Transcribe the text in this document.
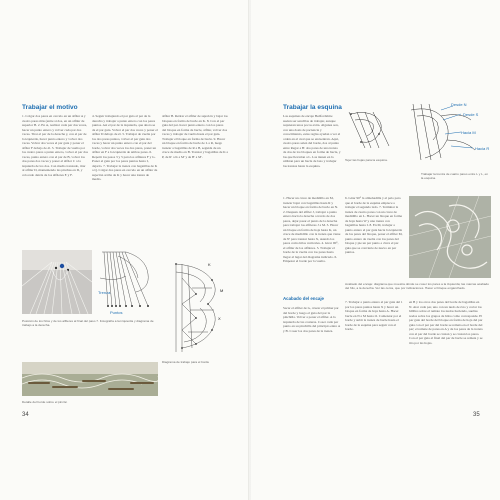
Trabajar el motivo

1. Colgar dos pares en cercelo en un alfiler A y cuatro pares más (entre si dos, en un alfiler de superior B. 2. En A, realizar cada par dos veces, hacer un punto entero y volver cada par dos veces. Tirar el par de la derecha y, con el par de la izquierda, hacer punto entero y volver dos veces. Volver dos veces el par guía y poner el alfiler F debajo de él. 3. Trabajar de vuelta por los cuatro pares a punto entero, volver el par dos veces, punto entero con el par de B, volver los dos pares dos veces y poner el alfiler C a la izquierda de los dos. Con medio trenzado, tirar al alfiler D, manteniendo las pinchas en D, y colocado detrás de los alfileres E y F.

4. Seguir trabajando el par guía al par de la derecha y trabajar a punto entero con los pares puntos. Así el par de la izquierda, que ahora se da el par guía. Volver el par dos veces y poner el alfiler D debajo de él. 5. Trabajar de vuelta por los dos pares puntos, volver el par guía dos veces y hacer un punto entero con el par del borde, volver dos veces los dos pares, poner un alfiler en F a la izquierda de ambos pares. 6. Repetir los pasos 3 y 5 para los alfileres F y G. Poner el guía por los pares puntos hasta I, dejarlo. 7. Trabajar la trenza con bagatillas de K a Q. Colgar dos pares en cercelo en un alfiler de sujeción arriba de K y hacer una trenza de medio.

alfiler B. Retirar el alfiler de sujeción y bajar los bloques en forma de bucle en K. 8. Con el par guía del par. hacer punto entero con los pares del bloque en forma de bucle, alfiler, volver dos veces y trabajar de vuelta hasta el par guía. Trabajar el bloque en forma de bucle. 9. Hacer un bloque en forma de bucle de L a R, luego trenzar a bagatillas de R a B, seguida de un cruce de medio en B. Trenzar y bagatillas de K a P, de R' a K a M' y de B' a M'.

Trenza
Puntos
Posición de los hilos y de los alfileres al final del paso 7. Fotografía a la izquierda y diagrama de trabajo a la derecha.
K
M
X
Detalle del borde sobre el pinzón
Diagrama de trabajo para el borde
34
Trabajar la esquina

Las esquinas de encaje Bedfordshire suelen ser sencillas de trabajar, aunque requieren unos pocos extra. Algunas son, con una dosis de paciencia y conocimiento, estas reglas ayudan a ver el orden en el cual que se encuentran. Aquí, cuatro pares salen del borde, dos al punto entre Regar a B: dos pares de una trenza de dos de los bloques en forma de bucle, y las que llevarían a L. Las tienen en la utilizan para un bucle de lazo y trabajar las trenzas hasta la esquina.

1. Hacer un cruce de medidillo en M, trenzar bajar con bagatillas hasta R y hacer un bloque en forma de bucle en N. 2. Después del alfiler J, trabajar a punto entero hacia la derecha a través de dos pares, dejar pasar el punto de la derecha para trabajar los alfileres J a M. 3. Hacer un bloque en forma de hoja hasta K, un cruce de medidillo con la trenza que viene de N' para trenzar hasta X, usando los pares como hilos verticales. 4. Girar 90°, el alfiler de los alfileres. 5. Trabajar el borde de la vuelta con los pares hasta llegar al lugar del diagrama indicado. 6. Empezar el borde por la vuelta.

6. Girar 90° la almohadilla y el pelo para que el borde de la esquina empiece a trabajar el segundo lado. 7. Terminar la trenza de cuatro pares con un cruce de medidillo en L. Hacer un bloque en forma de hoja hasta W y una trenza con bagatillas hasta I. 8. En M, trabajar a punto entero el par guía hacia la izquierda de los pares del bloque, poner el alfiler M, punto entero de vuelta con los pares del bloque y pie un par punto e clave el par guía que se convierte de nuevo en par puntos.

Tejer las hojas para la esquina.
Desde N
Desde S
Hacia M
Hacia R
Trabajar la trenza de cuatro pares entre L y L, en la esquina.
Acabado del encaje: diagrama que muestra dónde se coser los pares a la izquierda; las marcas acabado del hilo, a la derecha. Ver las cerca, que por indicaciones. Hacer el bloque enganchado.
Acabado del encaje

Sacar el alfiler de G, cruzar el primer par del borde y luego el guía del par la pinchilla. Volver a poner el alfiler. A la izquierda de las costuras. Coser cada par punto en su pinchilla del principio entre A y B. Coser los dos pares de la trenza.

7. Trabajar a punto entero el par guía del 1 por los pares puntos hasta X y hacer un bloque en forma de hoja hasta A. Hacer bucle en N a M hasta O. Comenzar por el borde y subir la trenza de bucle hasta el borde de la esquina para seguir con el borde.

en B y los otros dos pares del borde de bagatillas en N. Atar cada par, uno con un nudo de rizo y cortar los hilillos sobre el remate los nudos haciendo, sueltas nodos sobre los grupos de hilos como corresponde. El par guía del borde del bloque en forma de hoja del par guía con el par par del borde se remata en el borde del par; el remate de pares en A y de los pares de la trenza con el par del borde se cruzan y se cruzan los pares. Con el par guía al final del par de bucle se remata y se tira por las hojas.

35
